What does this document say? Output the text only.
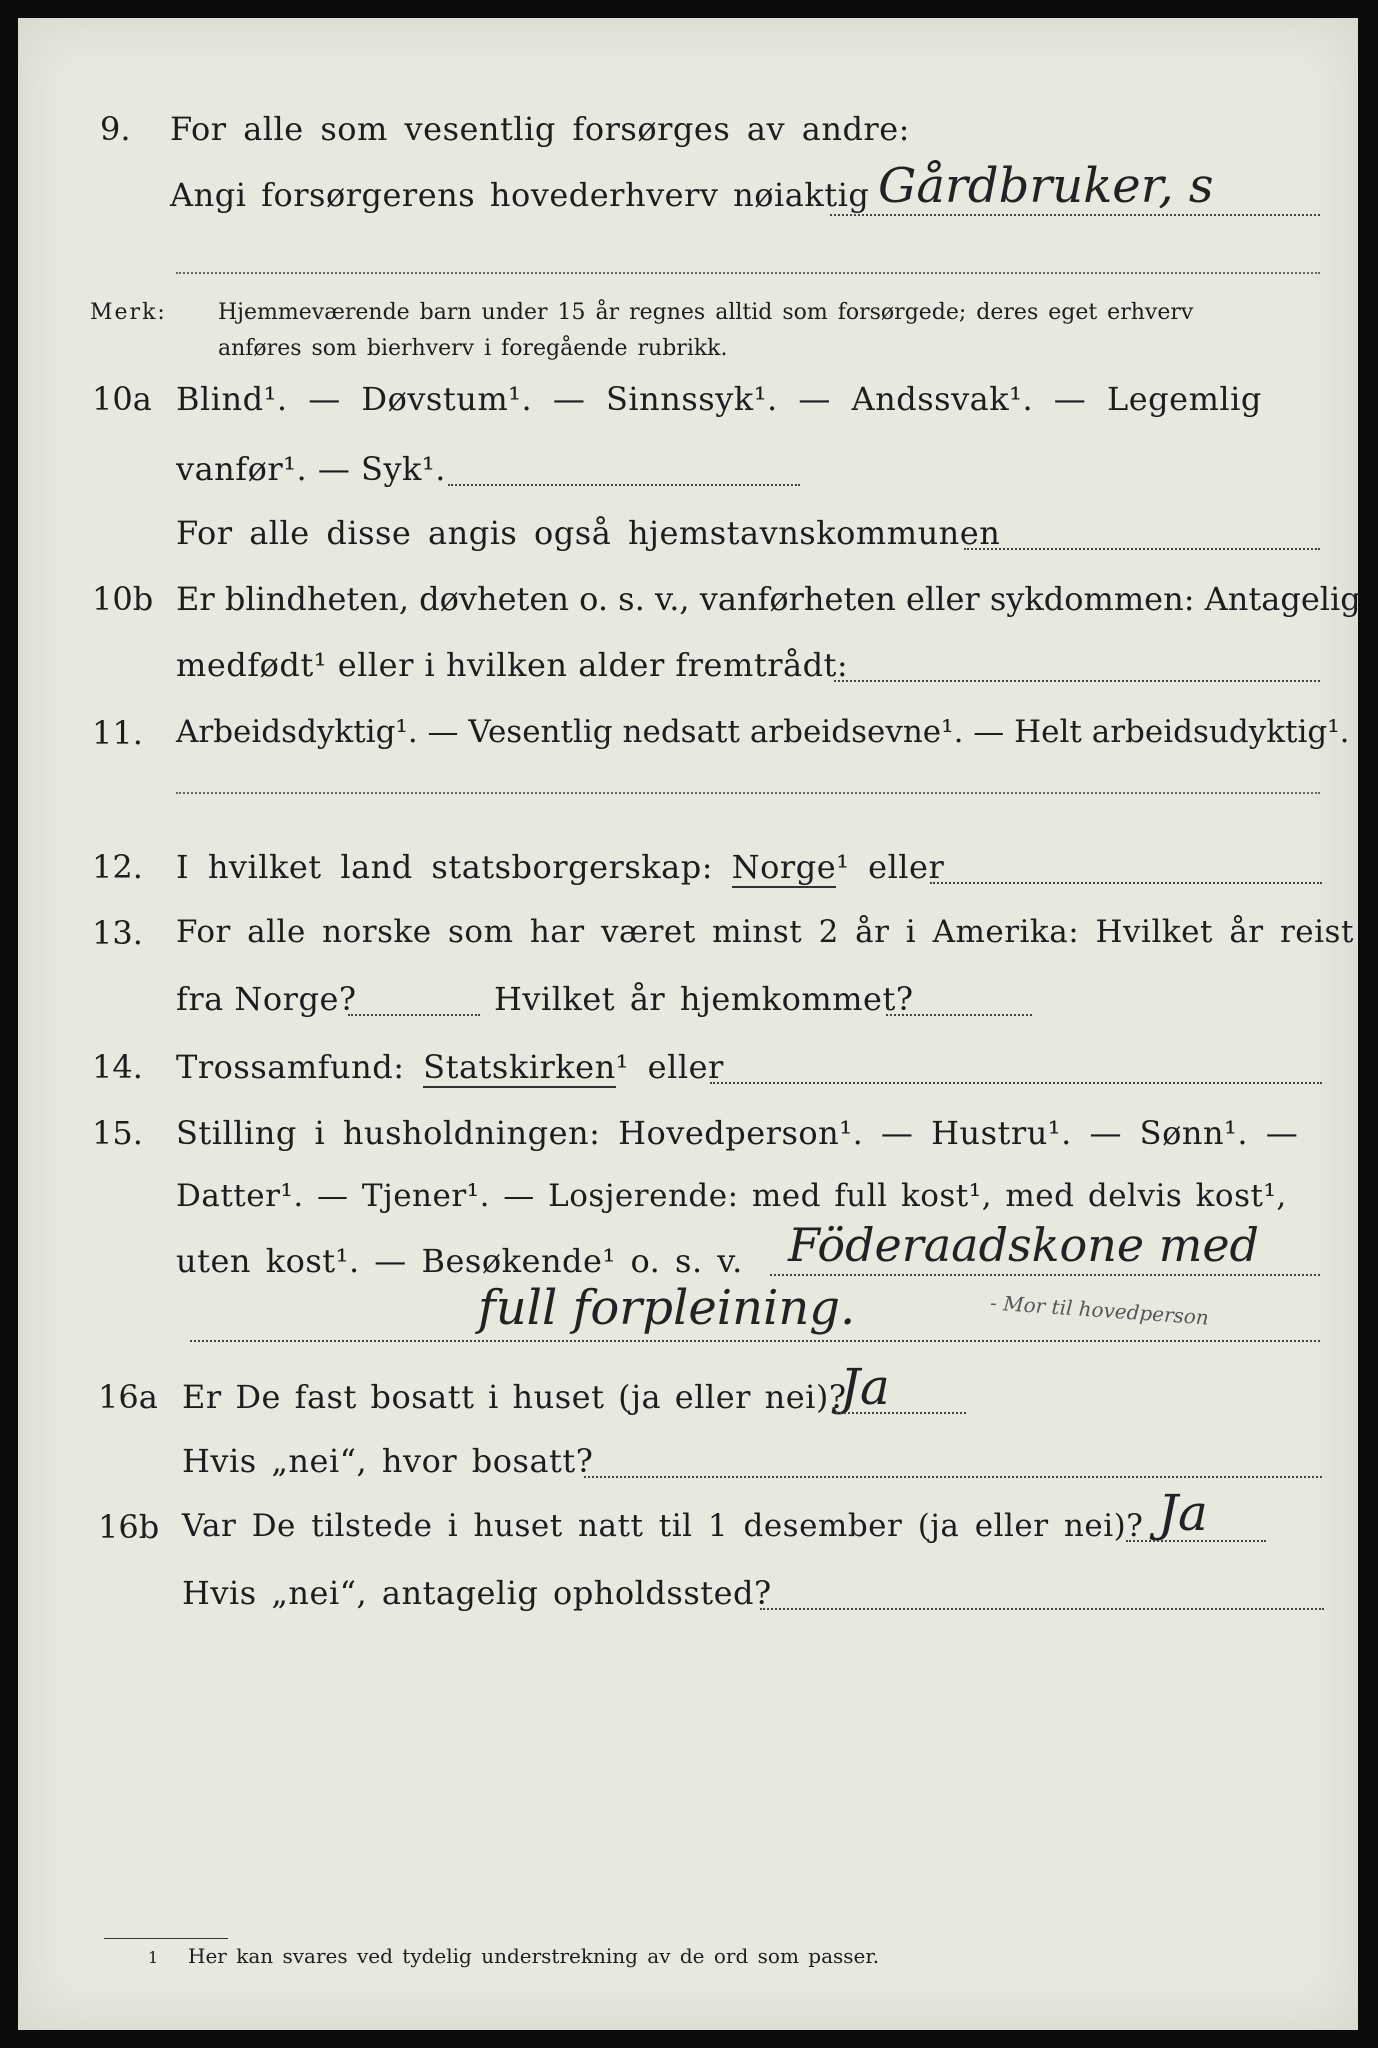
9. For alle som vesentlig forsørges av andre:
Angi forsørgerens hovederhverv nøiaktig Gårdbruker, s
Merk: Hjemmeværende barn under 15 år regnes alltid som forsørgede; deres eget erhverv
anføres som bierhverv i foregående rubrikk.
10a Blind¹. — Døvstum¹. — Sinnssyk¹. — Andssvak¹. — Legemlig
vanfør¹. — Syk¹.
For alle disse angis også hjemstavnskommunen
10b Er blindheten, døvheten o. s. v., vanførheten eller sykdommen: Antagelig
medfødt¹ eller i hvilken alder fremtrådt:
11. Arbeidsdyktig¹. — Vesentlig nedsatt arbeidsevne¹. — Helt arbeidsudyktig¹.
12. I hvilket land statsborgerskap: Norge¹ eller
13. For alle norske som har været minst 2 år i Amerika: Hvilket år reist
fra Norge?	Hvilket år hjemkommet?
14. Trossamfund: Statskirken¹ eller
15. Stilling i husholdningen: Hovedperson¹. — Hustru¹. — Sønn¹. —
Datter¹. — Tjener¹. — Losjerende: med full kost¹, med delvis kost¹,
uten kost¹. — Besøkende¹ o. s. v. Föderaadskone med
full forpleining.	- Mor til hovedperson
16a Er De fast bosatt i huset (ja eller nei)?
Ja
Hvis „nei“, hvor bosatt?
16b Var De tilstede i huset natt til 1 desember (ja eller nei)? Ja
Hvis „nei“, antagelig opholdssted?
1 Her kan svares ved tydelig understrekning av de ord som passer.
